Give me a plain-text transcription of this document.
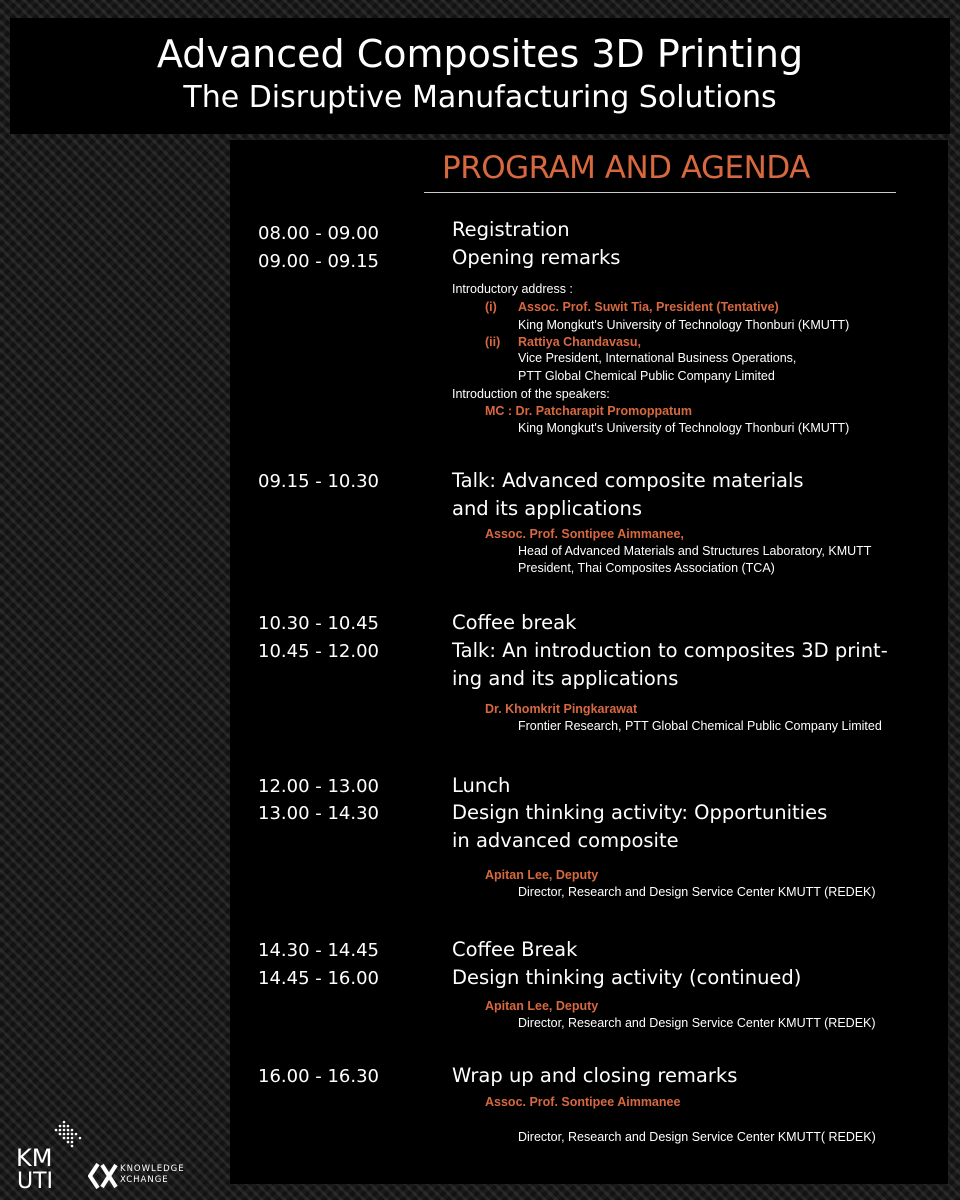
Advanced Composites 3D Printing
The Disruptive Manufacturing Solutions
PROGRAM AND AGENDA
08.00 - 09.00	Registration
09.00 - 09.15	Opening remarks
Introductory address :
(i) Assoc. Prof. Suwit Tia, President (Tentative)
King Mongkut's University of Technology Thonburi (KMUTT)
(ii) Rattiya Chandavasu,
Vice President, International Business Operations,
PTT Global Chemical Public Company Limited
Introduction of the speakers:
MC : Dr. Patcharapit Promoppatum
King Mongkut's University of Technology Thonburi (KMUTT)
09.15 - 10.30	Talk: Advanced composite materials
and its applications
Assoc. Prof. Sontipee Aimmanee,
Head of Advanced Materials and Structures Laboratory, KMUTT
President, Thai Composites Association (TCA)
10.30 - 10.45	Coffee break
10.45 - 12.00	Talk: An introduction to composites 3D print-
ing and its applications
Dr. Khomkrit Pingkarawat
Frontier Research, PTT Global Chemical Public Company Limited
12.00 - 13.00	Lunch
13.00 - 14.30	Design thinking activity: Opportunities
in advanced composite
Apitan Lee, Deputy
Director, Research and Design Service Center KMUTT (REDEK)
14.30 - 14.45	Coffee Break
14.45 - 16.00	Design thinking activity (continued)
Apitan Lee, Deputy
Director, Research and Design Service Center KMUTT (REDEK)
16.00 - 16.30	Wrap up and closing remarks
Assoc. Prof. Sontipee Aimmanee
Director, Research and Design Service Center KMUTT( REDEK)
KM
UTI	KNOWLEDGE
XCHANGE
